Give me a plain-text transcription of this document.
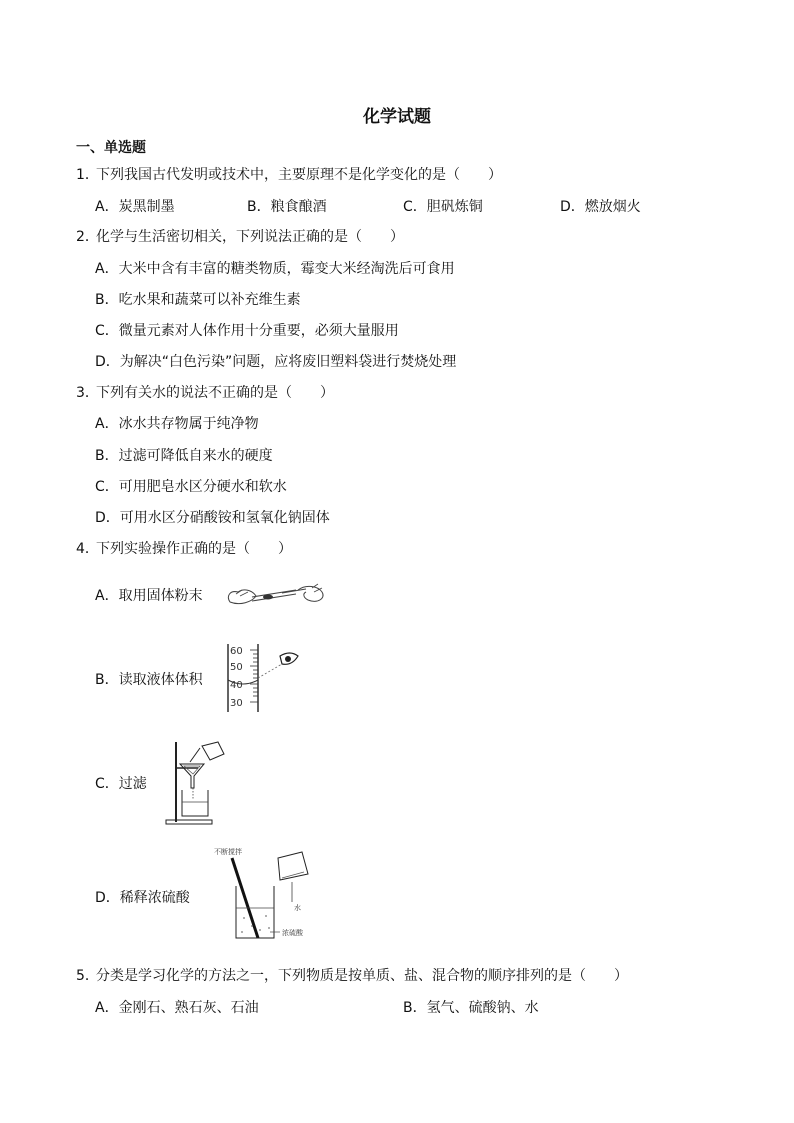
化学试题
一、单选题
1．
下列我国古代发明或技术中，主要原理不是化学变化的是（　　）
A．炭黑制墨	B．粮食酿酒	C．胆矾炼铜	D．燃放烟火
2．
化学与生活密切相关，下列说法正确的是（　　）
A．大米中含有丰富的糖类物质，霉变大米经淘洗后可食用
B．吃水果和蔬菜可以补充维生素
C．微量元素对人体作用十分重要，必须大量服用
D．为解决“白色污染”问题，应将废旧塑料袋进行焚烧处理
3．
下列有关水的说法不正确的是（　　）
A．冰水共存物属于纯净物
B．过滤可降低自来水的硬度
C．可用肥皂水区分硬水和软水
D．可用水区分硝酸铵和氢氧化钠固体
4．
下列实验操作正确的是（　　）
A．取用固体粉末
B．读取液体体积
60
50
40
30
C．过滤
D．稀释浓硫酸
不断搅拌
浓硫酸
水
5．
分类是学习化学的方法之一，下列物质是按单质、盐、混合物的顺序排列的是（　　）
A．金刚石、熟石灰、石油	B．氢气、硫酸钠、水
